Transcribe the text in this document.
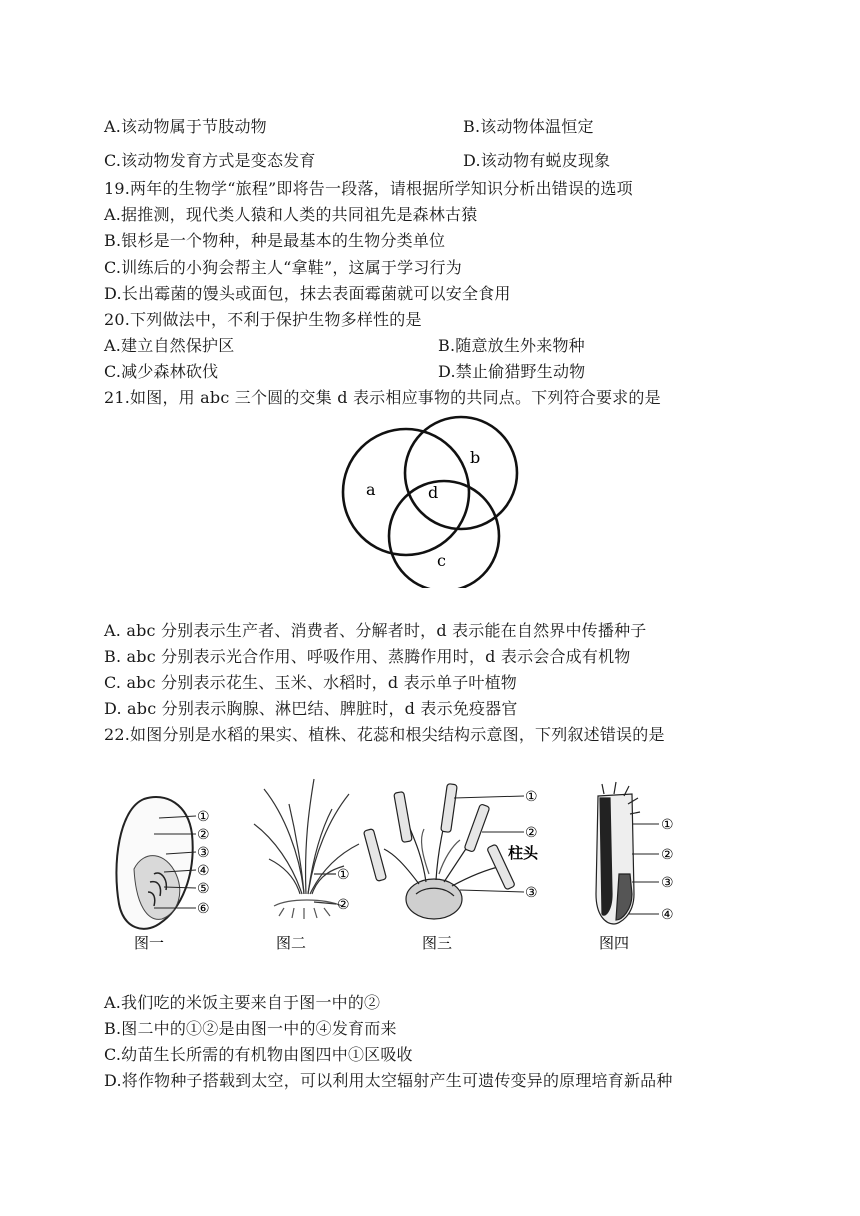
A.该动物属于节肢动物	B.该动物体温恒定
C.该动物发育方式是变态发育	D.该动物有蜕皮现象
19.两年的生物学“旅程”即将告一段落，请根据所学知识分析出错误的选项
A.据推测，现代类人猿和人类的共同祖先是森林古猿
B.银杉是一个物种，种是最基本的生物分类单位
C.训练后的小狗会帮主人“拿鞋”，这属于学习行为
D.长出霉菌的馒头或面包，抹去表面霉菌就可以安全食用
20.下列做法中，不利于保护生物多样性的是
A.建立自然保护区	B.随意放生外来物种
C.减少森林砍伐	D.禁止偷猎野生动物
21.如图，用 abc 三个圆的交集 d 表示相应事物的共同点。下列符合要求的是
a
b
d
c
A. abc 分别表示生产者、消费者、分解者时，d 表示能在自然界中传播种子
B. abc 分别表示光合作用、呼吸作用、蒸腾作用时，d 表示会合成有机物
C. abc 分别表示花生、玉米、水稻时，d 表示单子叶植物
D. abc 分别表示胸腺、淋巴结、脾脏时，d 表示免疫器官
22.如图分别是水稻的果实、植株、花蕊和根尖结构示意图，下列叙述错误的是
①
②
③
④
⑤
⑥
图一
①
②
图二
①
②
柱头
③
图三
①
②
③
④
图四
A.我们吃的米饭主要来自于图一中的②
B.图二中的①②是由图一中的④发育而来
C.幼苗生长所需的有机物由图四中①区吸收
D.将作物种子搭载到太空，可以利用太空辐射产生可遗传变异的原理培育新品种
